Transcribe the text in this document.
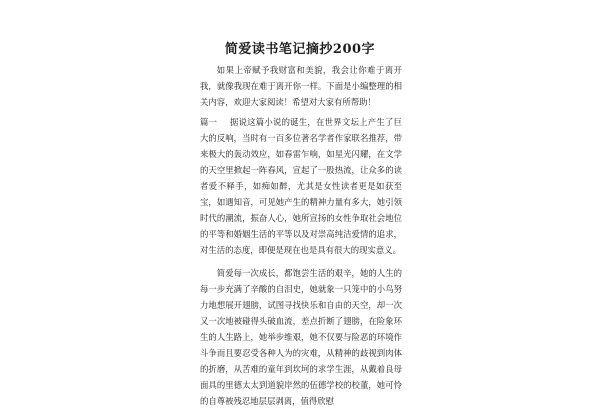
简爱读书笔记摘抄200字
如果上帝赋予我财富和美貌，我会让你难于离开我，就像我现在难于离开你一样。下面是小编整理的相关内容，欢迎大家阅读！希望对大家有所帮助！

篇一 据说这篇小说的诞生，在世界文坛上产生了巨大的反响，当时有一百多位著名学者作家联名推荐，带来极大的轰动效应，如春雷乍响，如星光闪耀，在文学的天空里掀起一阵春风，宣起了一股热流，让众多的读者爱不释手，如痴如醉，尤其是女性读者更是如获至宝，如遇知音，可见她产生的精神力量有多大，她引领时代的潮流，振奋人心，她所宣扬的女性争取社会地位的平等和婚姻生活的平等以及对崇高纯洁爱情的追求，对生活的态度，即便是现在也是具有很大的现实意义。

简爱每一次成长，都饱尝生活的艰辛，她的人生的每一步充满了辛酸的自泪史，她就象一只笼中的小鸟努力地想展开翅膀，试图寻找快乐和自由的天空，却一次又一次地被碰得头破血流，差点折断了翅膀，在险象环生的人生路上，她举步维艰，她不仅要与险恶的环境作斗争而且要忍受各种人为的灾难，从精神的歧视到肉体的折磨，从苦难的童年到坎坷的求学生涯，从戴着良母面具的里德太太到道貌岸然的伍德学校的校董，她可怜的自尊被残忍地层层剥离，值得欣慰
